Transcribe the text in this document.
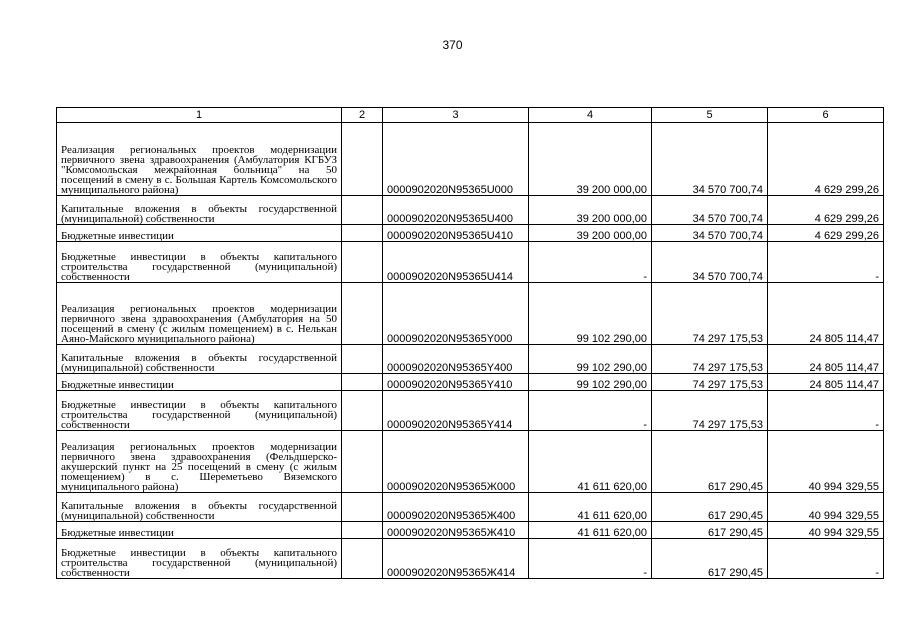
370
1	2	3	4	5	6
Реализация региональных проектов модернизации первичного звена здравоохранения (Амбулатория КГБУЗ "Комсомольская межрайонная больница" на 50 посещений в смену в с. Большая Картель Комсомольского муниципального района)		0000902020N95365U000	39 200 000,00	34 570 700,74	4 629 299,26
Капитальные вложения в объекты государственной (муниципальной) собственности		0000902020N95365U400	39 200 000,00	34 570 700,74	4 629 299,26
Бюджетные инвестиции		0000902020N95365U410	39 200 000,00	34 570 700,74	4 629 299,26
Бюджетные инвестиции в объекты капитального строительства государственной (муниципальной) собственности		0000902020N95365U414	-	34 570 700,74	-
Реализация региональных проектов модернизации первичного звена здравоохранения (Амбулатория на 50 посещений в смену (с жилым помещением) в с. Нелькан Аяно-Майского муниципального района)		0000902020N95365Y000	99 102 290,00	74 297 175,53	24 805 114,47
Капитальные вложения в объекты государственной (муниципальной) собственности		0000902020N95365Y400	99 102 290,00	74 297 175,53	24 805 114,47
Бюджетные инвестиции		0000902020N95365Y410	99 102 290,00	74 297 175,53	24 805 114,47
Бюджетные инвестиции в объекты капитального строительства государственной (муниципальной) собственности		0000902020N95365Y414	-	74 297 175,53	-
Реализация региональных проектов модернизации первичного звена здравоохранения (Фельдшерско-акушерский пункт на 25 посещений в смену (с жилым помещением) в с. Шереметьево Вяземского муниципального района)		0000902020N95365Ж000	41 611 620,00	617 290,45	40 994 329,55
Капитальные вложения в объекты государственной (муниципальной) собственности		0000902020N95365Ж400	41 611 620,00	617 290,45	40 994 329,55
Бюджетные инвестиции		0000902020N95365Ж410	41 611 620,00	617 290,45	40 994 329,55
Бюджетные инвестиции в объекты капитального строительства государственной (муниципальной) собственности		0000902020N95365Ж414	-	617 290,45	-
